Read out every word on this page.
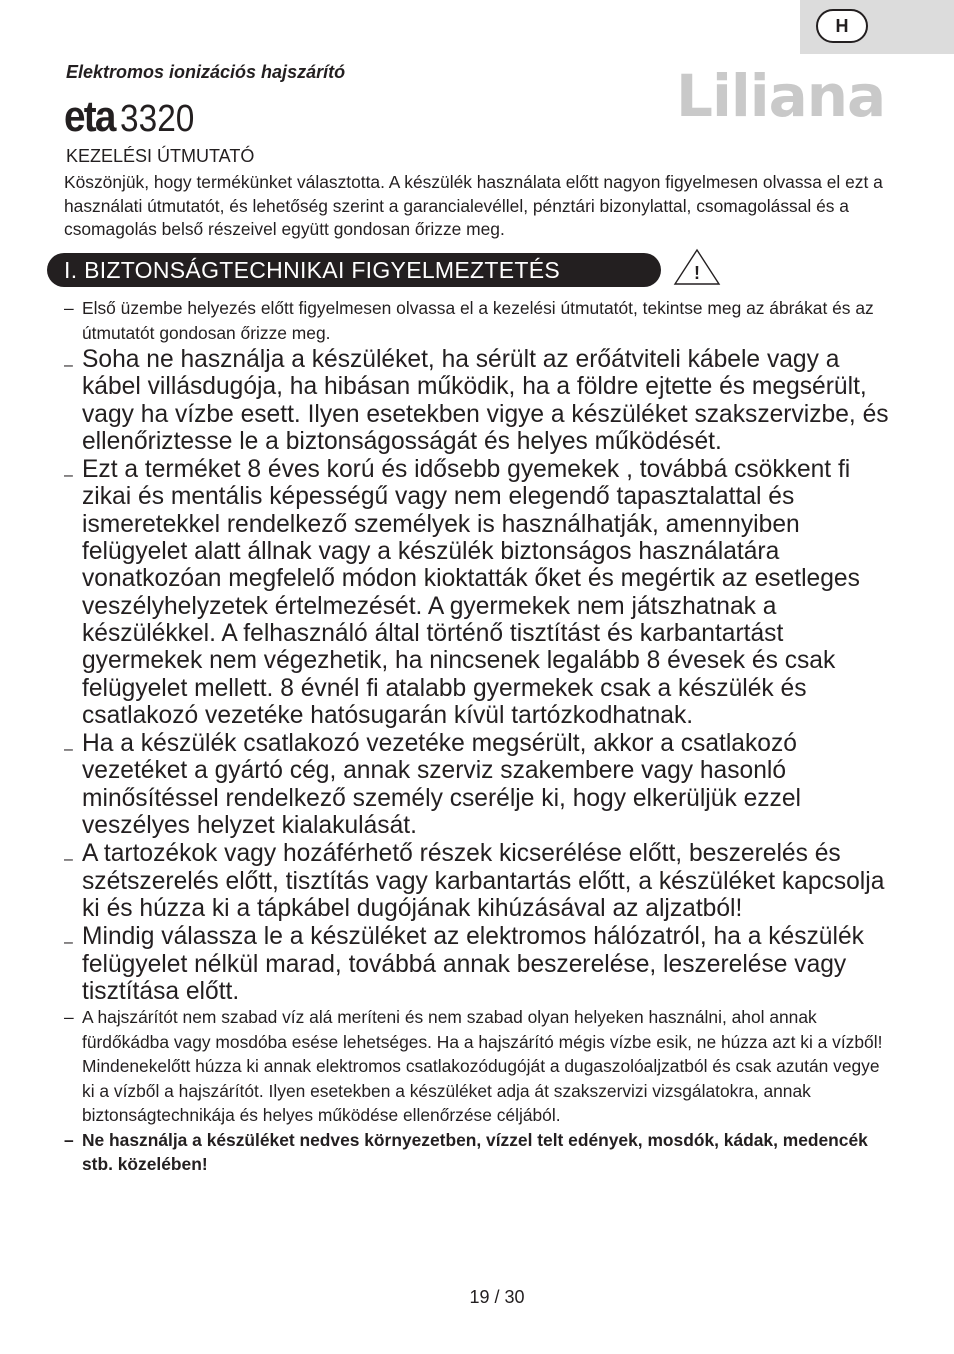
H
Elektromos ionizációs hajszárító
eta 3320	Liliana
KEZELÉSI ÚTMUTATÓ
Köszönjük, hogy termékünket választotta. A készülék használata előtt nagyon figyelmesen olvassa el ezt a használati útmutatót, és lehetőség szerint a garancialevéllel, pénztári bizonylattal, csomagolással és a csomagolás belső részeivel együtt gondosan őrizze meg.
I. BIZTONSÁGTECHNIKAI FIGYELMEZTETÉS	!
– Első üzembe helyezés előtt figyelmesen olvassa el a kezelési útmutatót, tekintse meg az ábrákat és az útmutatót gondosan őrizze meg.
– Soha ne használja a készüléket, ha sérült az erőátviteli kábele vagy a kábel villásdugója, ha hibásan működik, ha a földre ejtette és megsérült, vagy ha vízbe esett. Ilyen esetekben vigye a készüléket szakszervizbe, és ellenőriztesse le a biztonságosságát és helyes működését.
– Ezt a terméket 8 éves korú és idősebb gyemekek , továbbá csökkent fi zikai és mentális képességű vagy nem elegendő tapasztalattal és ismeretekkel rendelkező személyek is használhatják, amennyiben felügyelet alatt állnak vagy a készülék biztonságos használatára vonatkozóan megfelelő módon kioktatták őket és megértik az esetleges veszélyhelyzetek értelmezését. A gyermekek nem játszhatnak a készülékkel. A felhasználó által történő tisztítást és karbantartást gyermekek nem végezhetik, ha nincsenek legalább 8 évesek és csak felügyelet mellett. 8 évnél fi atalabb gyermekek csak a készülék és csatlakozó vezetéke hatósugarán kívül tartózkodhatnak.
– Ha a készülék csatlakozó vezetéke megsérült, akkor a csatlakozó vezetéket a gyártó cég, annak szerviz szakembere vagy hasonló minősítéssel rendelkező személy cserélje ki, hogy elkerüljük ezzel veszélyes helyzet kialakulását.
– A tartozékok vagy hozáférhető részek kicserélése előtt, beszerelés és szétszerelés előtt, tisztítás vagy karbantartás előtt, a készüléket kapcsolja ki és húzza ki a tápkábel dugójának kihúzásával az aljzatból!
– Mindig válassza le a készüléket az elektromos hálózatról, ha a készülék felügyelet nélkül marad, továbbá annak beszerelése, leszerelése vagy tisztítása előtt.
– A hajszárítót nem szabad víz alá meríteni és nem szabad olyan helyeken használni, ahol annak fürdőkádba vagy mosdóba esése lehetséges. Ha a hajszárító mégis vízbe esik, ne húzza azt ki a vízből! Mindenekelőtt húzza ki annak elektromos csatlakozódugóját a dugaszolóaljzatból és csak azután vegye ki a vízből a hajszárítót. Ilyen esetekben a készüléket adja át szakszervizi vizsgálatokra, annak biztonságtechnikája és helyes működése ellenőrzése céljából.
– Ne használja a készüléket nedves környezetben, vízzel telt edények, mosdók, kádak, medencék stb. közelében!
19 / 30
